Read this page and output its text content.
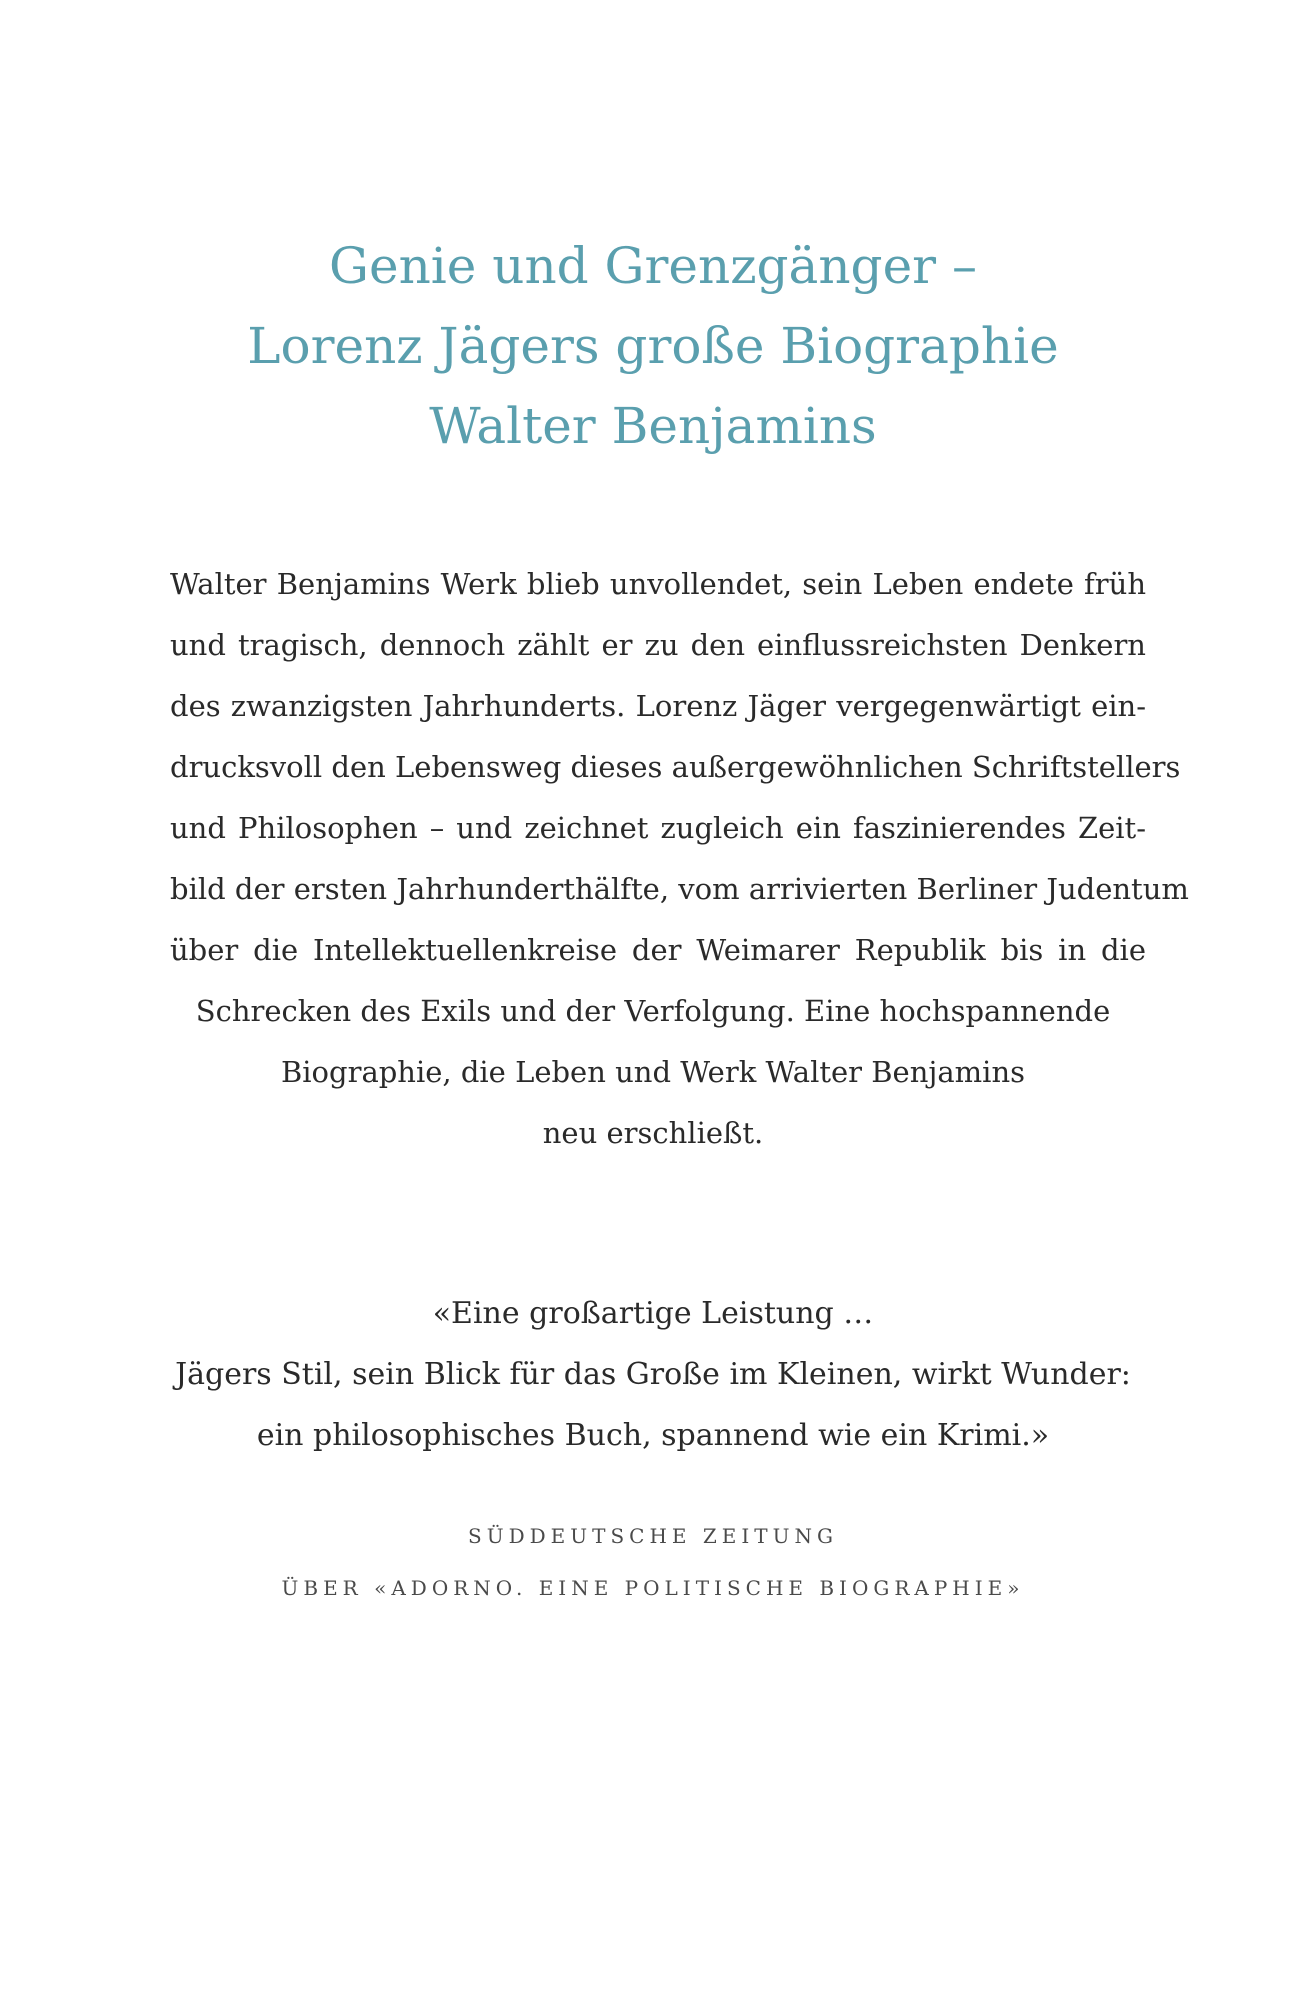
Genie und Grenzgänger –
Lorenz Jägers große Biographie
Walter Benjamins

Walter Benjamins Werk blieb unvollendet, sein Leben endete früh
und tragisch, dennoch zählt er zu den einflussreichsten Denkern
des zwanzigsten Jahrhunderts. Lorenz Jäger vergegenwärtigt ein-
drucksvoll den Lebensweg dieses außergewöhnlichen Schriftstellers
und Philosophen – und zeichnet zugleich ein faszinierendes Zeit-
bild der ersten Jahrhunderthälfte, vom arrivierten Berliner Judentum
über die Intellektuellenkreise der Weimarer Republik bis in die
Schrecken des Exils und der Verfolgung. Eine hochspannende
Biographie, die Leben und Werk Walter Benjamins
neu erschließt.

«Eine großartige Leistung …
Jägers Stil, sein Blick für das Große im Kleinen, wirkt Wunder:
ein philosophisches Buch, spannend wie ein Krimi.»

SÜDDEUTSCHE ZEITUNG
ÜBER «ADORNO. EINE POLITISCHE BIOGRAPHIE»
